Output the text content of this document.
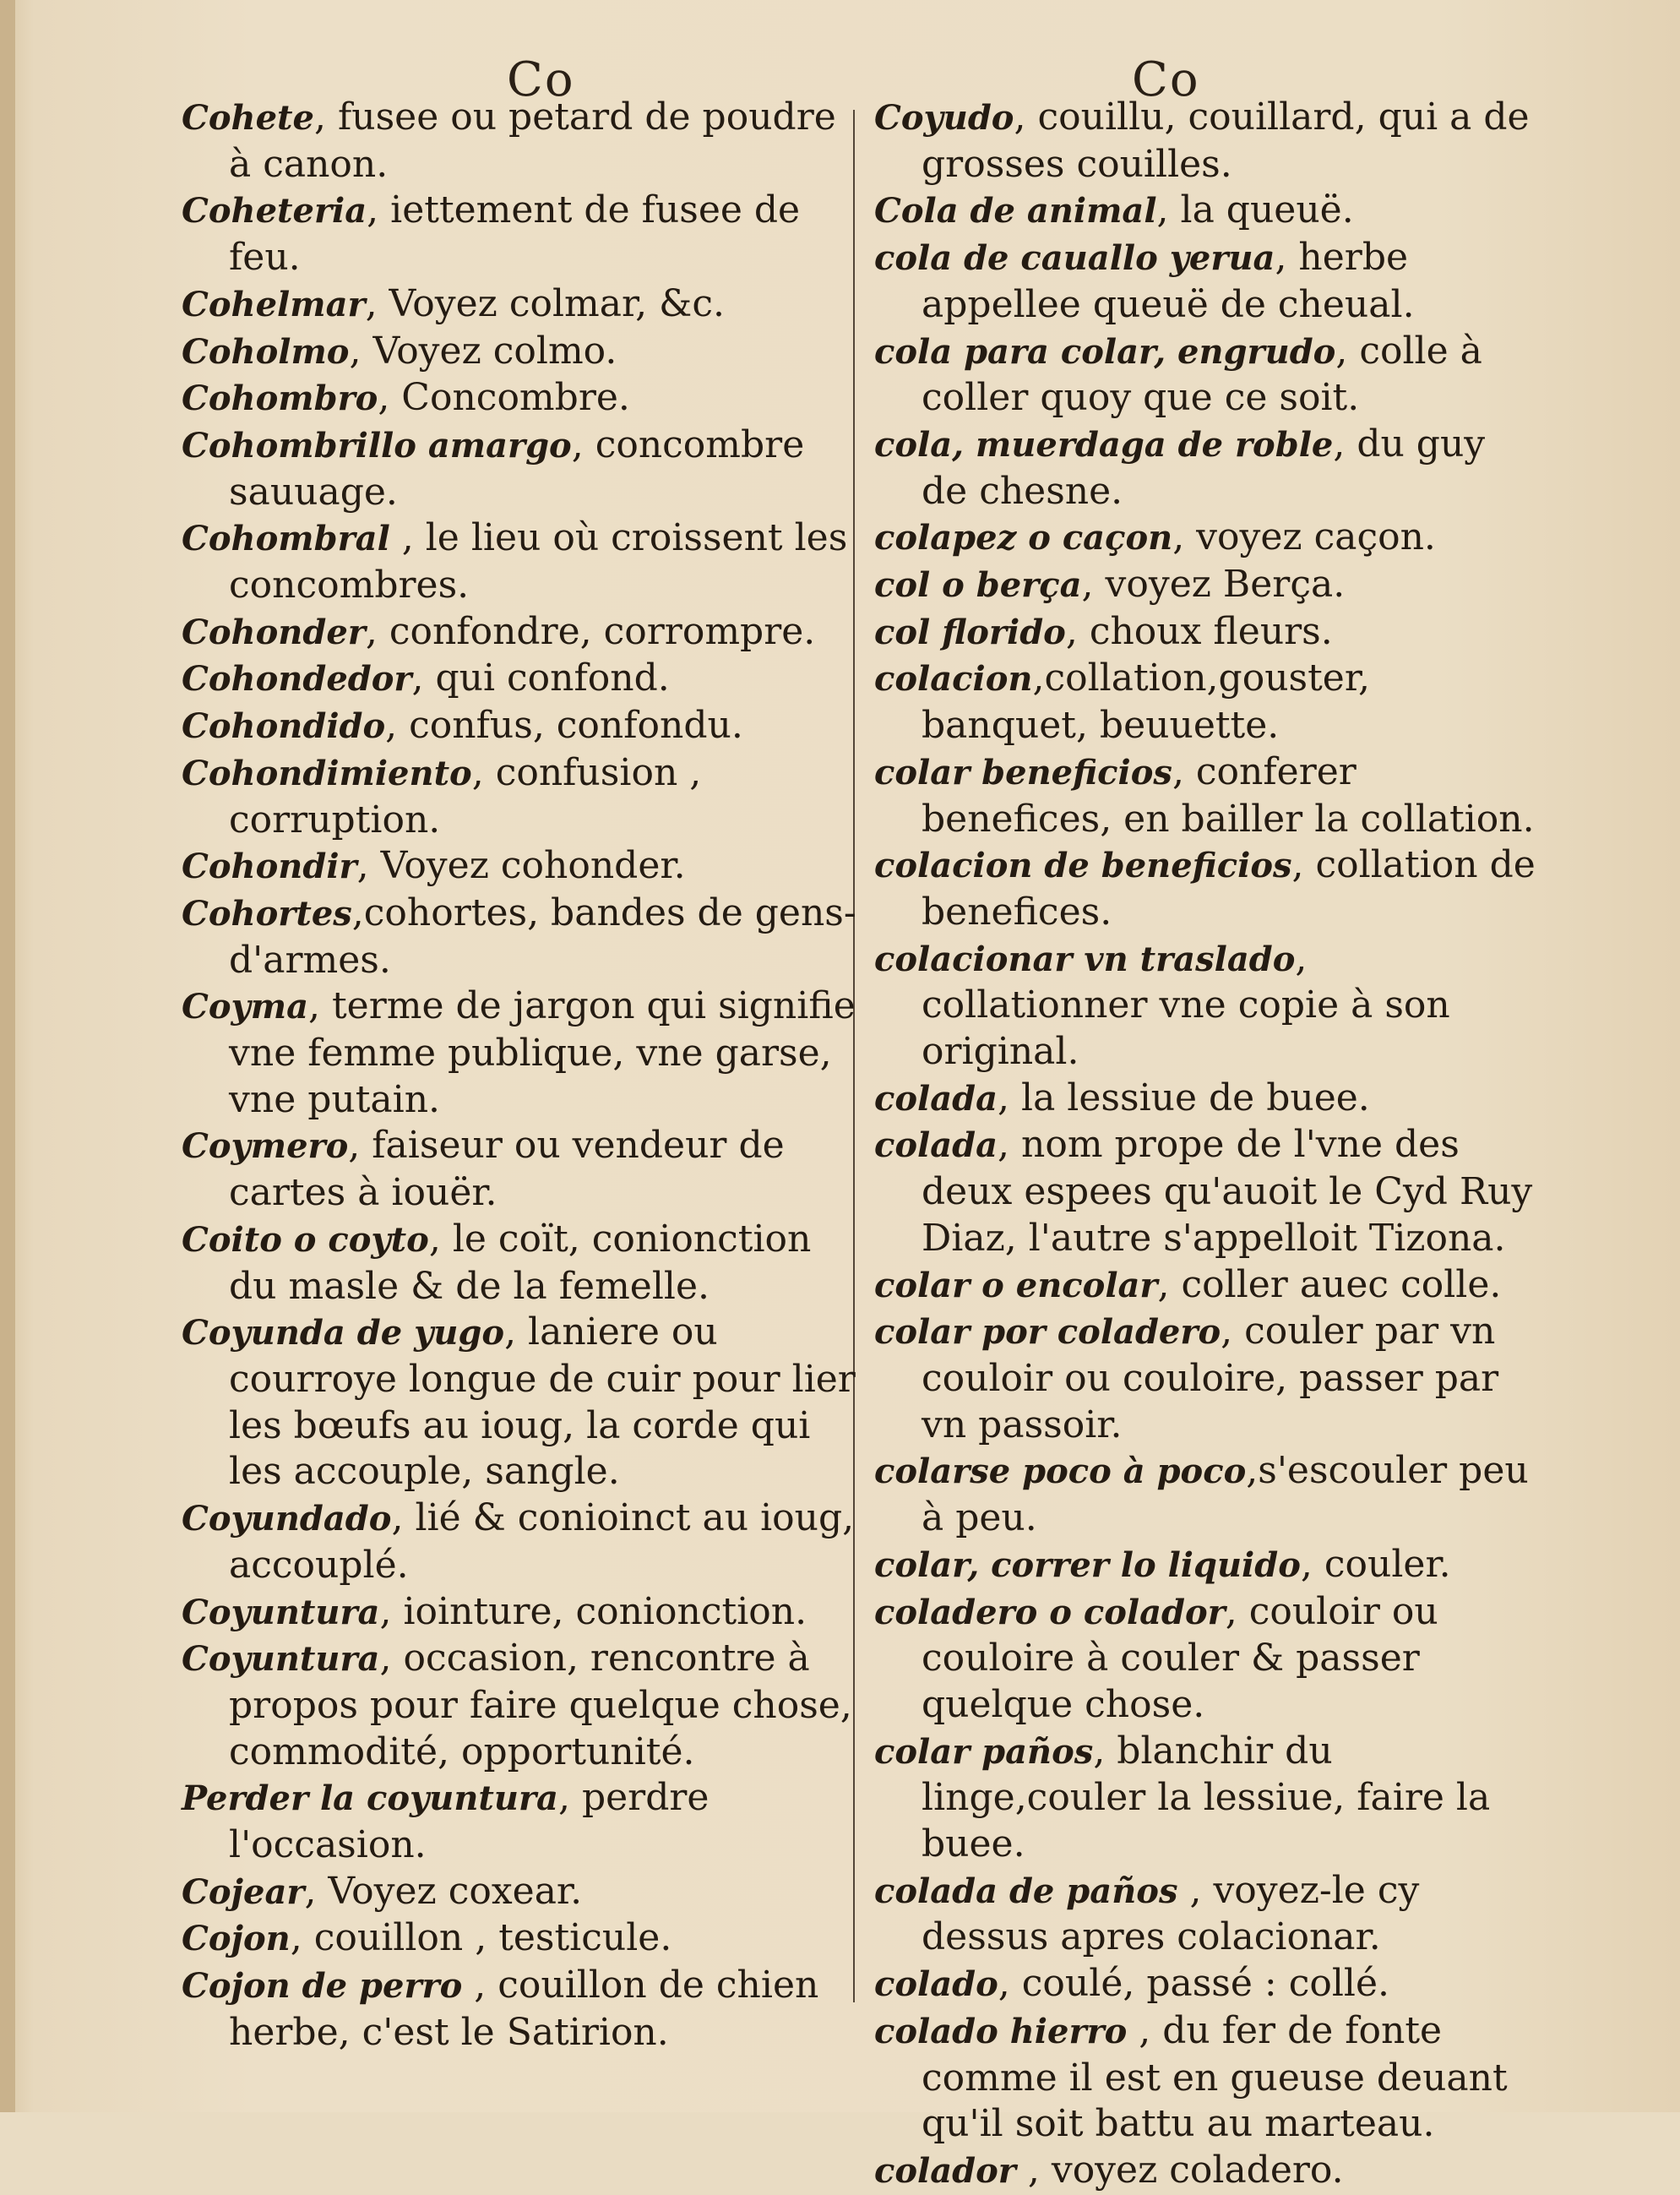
Co	Co

Cohete, fusee ou petard de poudre à canon.

Coheteria, iettement de fusee de feu.

Cohelmar, Voyez colmar, &c.

Coholmo, Voyez colmo.

Cohombro, Concombre.

Cohombrillo amargo, concombre sauuage.

Cohombral , le lieu où croissent les concombres.

Cohonder, confondre, corrompre.

Cohondedor, qui confond.

Cohondido, confus, confondu.

Cohondimiento, confusion , corruption.

Cohondir, Voyez cohonder.

Cohortes,cohortes, bandes de gens-d'armes.

Coyma, terme de jargon qui signifie vne femme publique, vne garse, vne putain.

Coymero, faiseur ou vendeur de cartes à iouër.

Coito o coyto, le coït, conionction du masle & de la femelle.

Coyunda de yugo, laniere ou courroye longue de cuir pour lier les bœufs au ioug, la corde qui les accouple, sangle.

Coyundado, lié & conioinct au ioug, accouplé.

Coyuntura, iointure, conionction.

Coyuntura, occasion, rencontre à propos pour faire quelque chose, commodité, opportunité.

Perder la coyuntura, perdre l'occasion.

Cojear, Voyez coxear.

Cojon, couillon , testicule.

Cojon de perro , couillon de chien herbe, c'est le Satirion.

Coyudo, couillu, couillard, qui a de grosses couilles.

Cola de animal, la queuë.

cola de cauallo yerua, herbe appellee queuë de cheual.

cola para colar, engrudo, colle à coller quoy que ce soit.

cola, muerdaga de roble, du guy de chesne.

colapez o caçon, voyez caçon.

col o berça, voyez Berça.

col florido, choux fleurs.

colacion,collation,gouster, banquet, beuuette.

colar beneficios, conferer benefices, en bailler la collation.

colacion de beneficios, collation de benefices.

colacionar vn traslado, collationner vne copie à son original.

colada, la lessiue de buee.

colada, nom prope de l'vne des deux espees qu'auoit le Cyd Ruy Diaz, l'autre s'appelloit Tizona.

colar o encolar, coller auec colle.

colar por coladero, couler par vn couloir ou couloire, passer par vn passoir.

colarse poco à poco,s'escouler peu à peu.

colar, correr lo liquido, couler.

coladero o colador, couloir ou couloire à couler & passer quelque chose.

colar paños, blanchir du linge,couler la lessiue, faire la buee.

colada de paños , voyez-le cy dessus apres colacionar.

colado, coulé, passé : collé.

colado hierro , du fer de fonte comme il est en gueuse deuant qu'il soit battu au marteau.

colador , voyez coladero.
